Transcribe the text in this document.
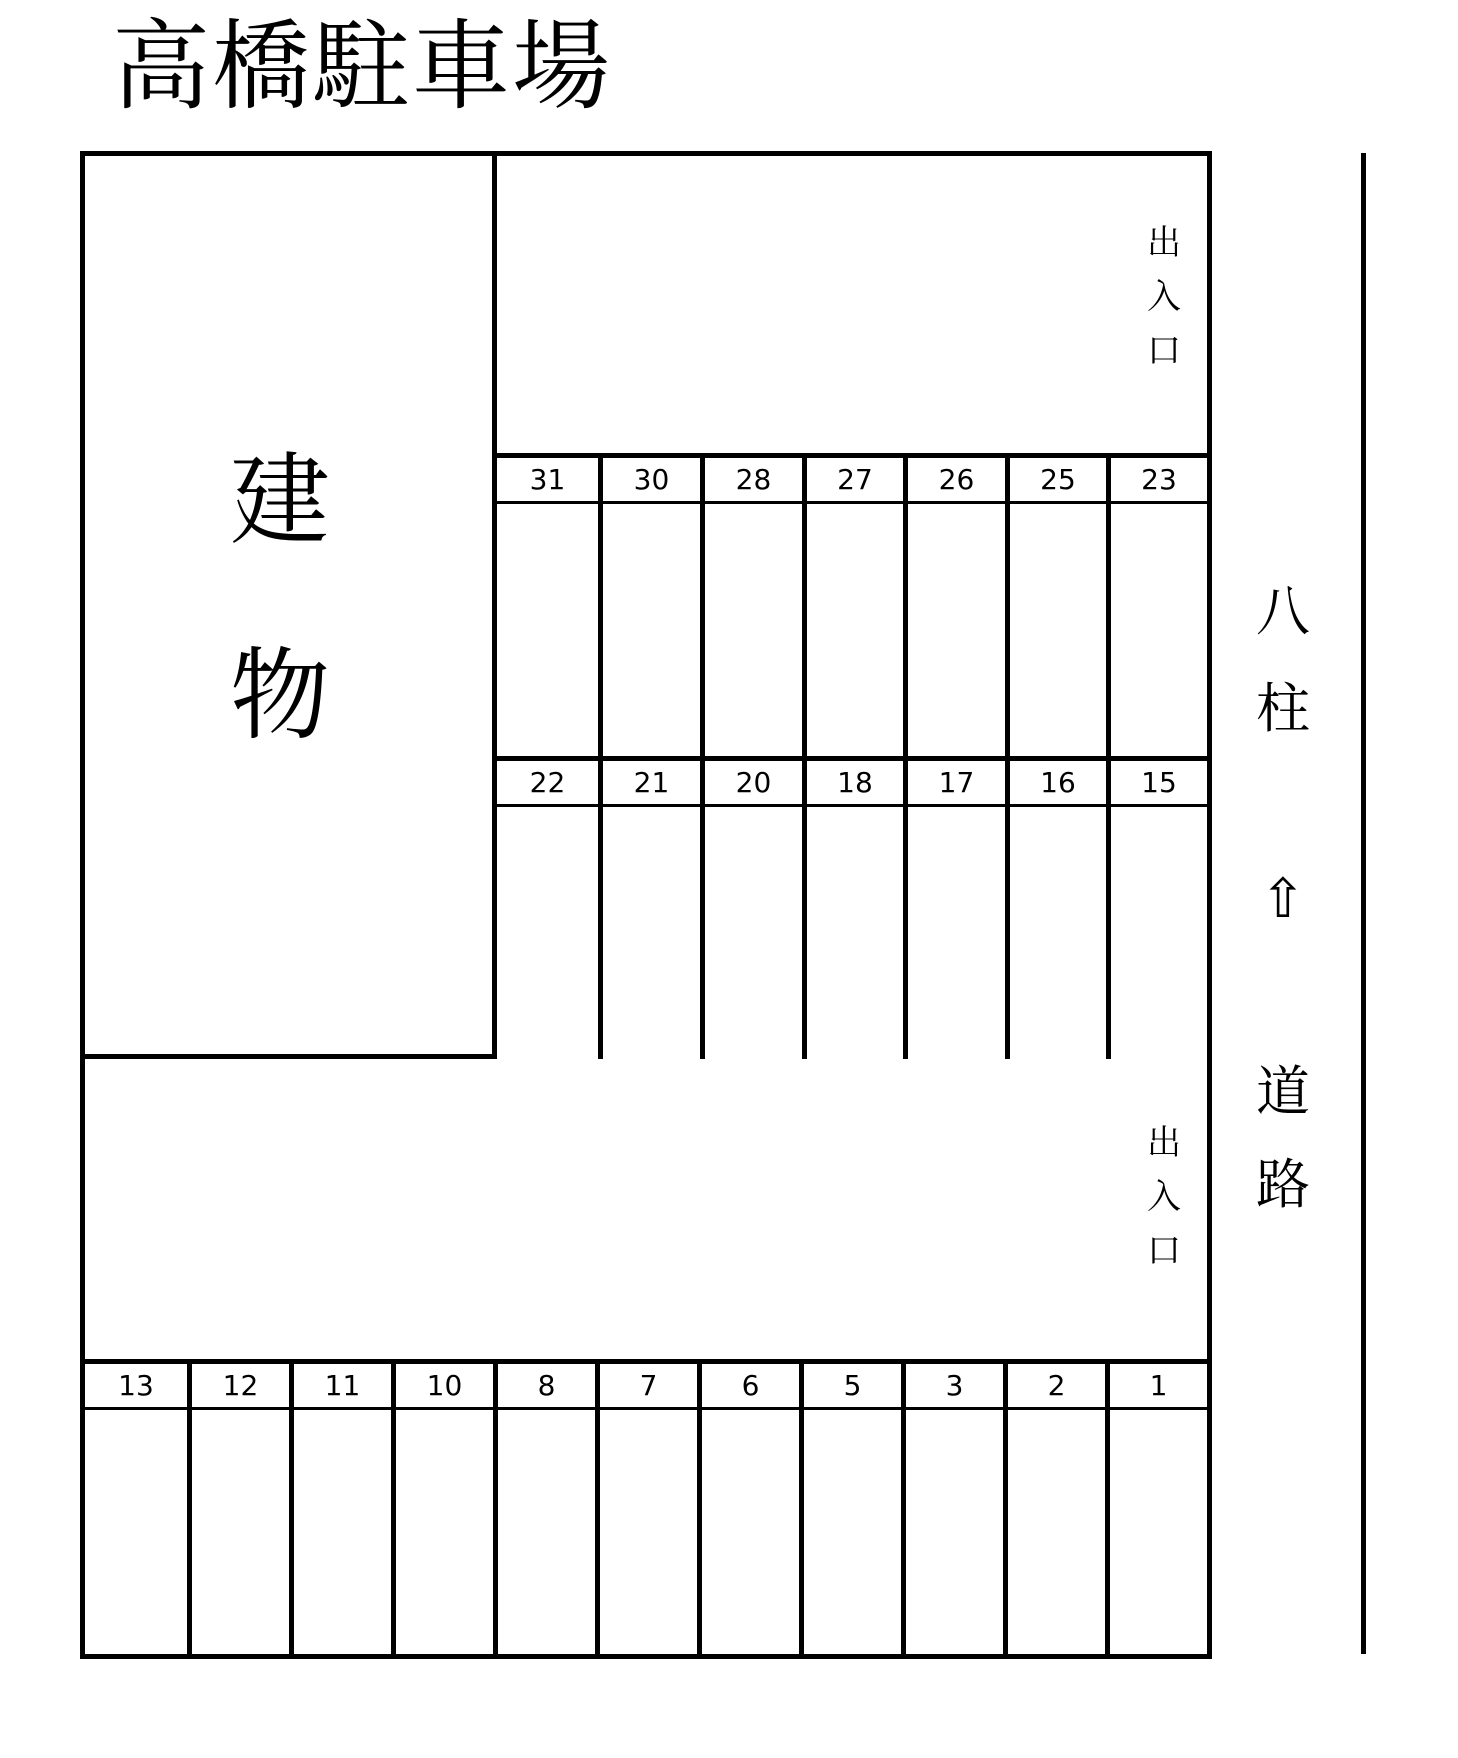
高橋駐車場
建
物
出
入
口
31	30	28	27	26	25	23
22	21	20	18	17	16	15
出
入
口
13	12	11	10	8	7	6	5	3	2	1
八
柱
⇧
道
路
